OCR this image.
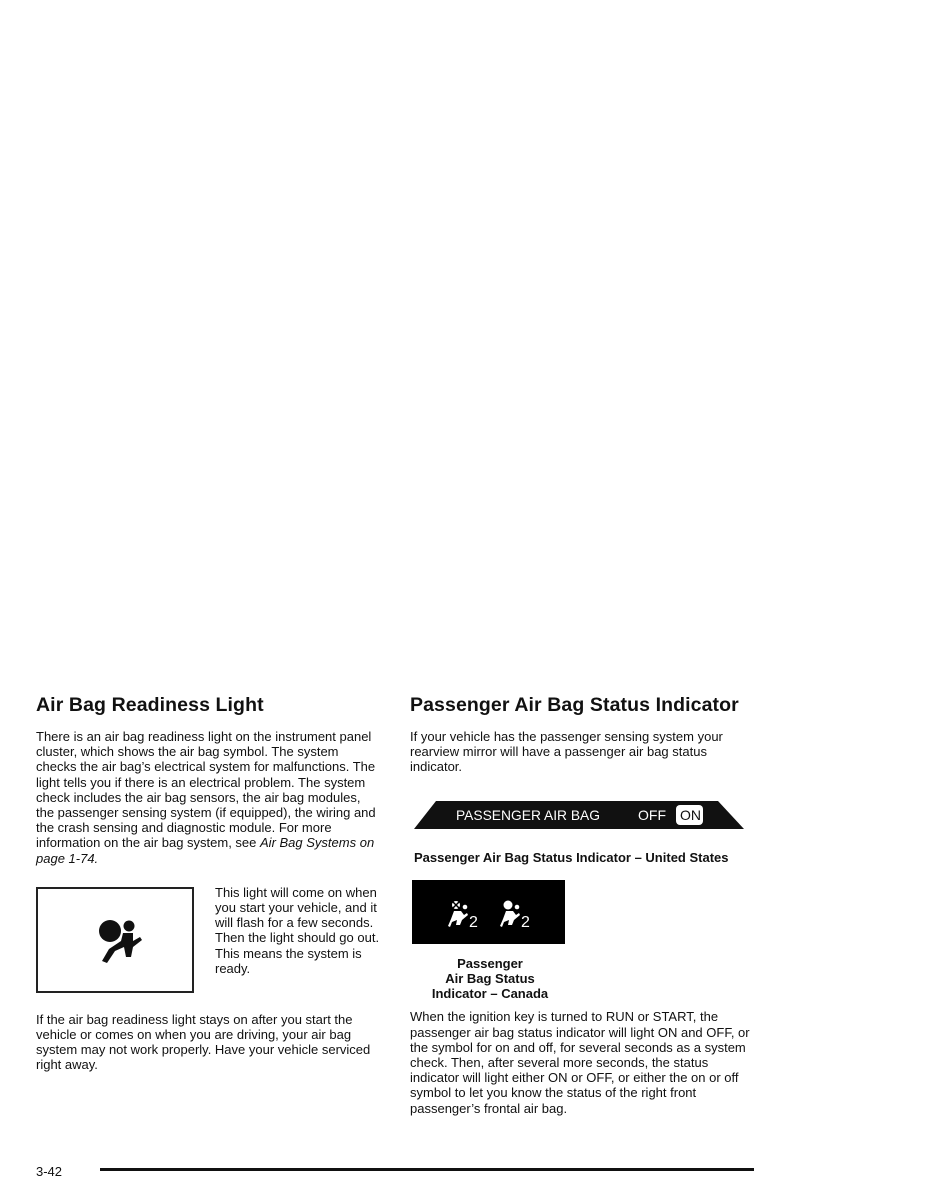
Air Bag Readiness Light

There is an air bag readiness light on the instrument panel cluster, which shows the air bag symbol. The system checks the air bag’s electrical system for malfunctions. The light tells you if there is an electrical problem. The system check includes the air bag sensors, the air bag modules, the passenger sensing system (if equipped), the wiring and the crash sensing and diagnostic module. For more information on the air bag system, see Air Bag Systems on page 1-74.

This light will come on when you start your vehicle, and it will flash for a few seconds. Then the light should go out. This means the system is ready.

If the air bag readiness light stays on after you start the vehicle or comes on when you are driving, your air bag system may not work properly. Have your vehicle serviced right away.

Passenger Air Bag Status Indicator

If your vehicle has the passenger sensing system your rearview mirror will have a passenger air bag status indicator.

PASSENGER AIR BAG	OFF ON

Passenger Air Bag Status Indicator – United States

2	2
Passenger
Air Bag Status
Indicator – Canada

When the ignition key is turned to RUN or START, the passenger air bag status indicator will light ON and OFF, or the symbol for on and off, for several seconds as a system check. Then, after several more seconds, the status indicator will light either ON or OFF, or either the on or off symbol to let you know the status of the right front passenger’s frontal air bag.

3-42
